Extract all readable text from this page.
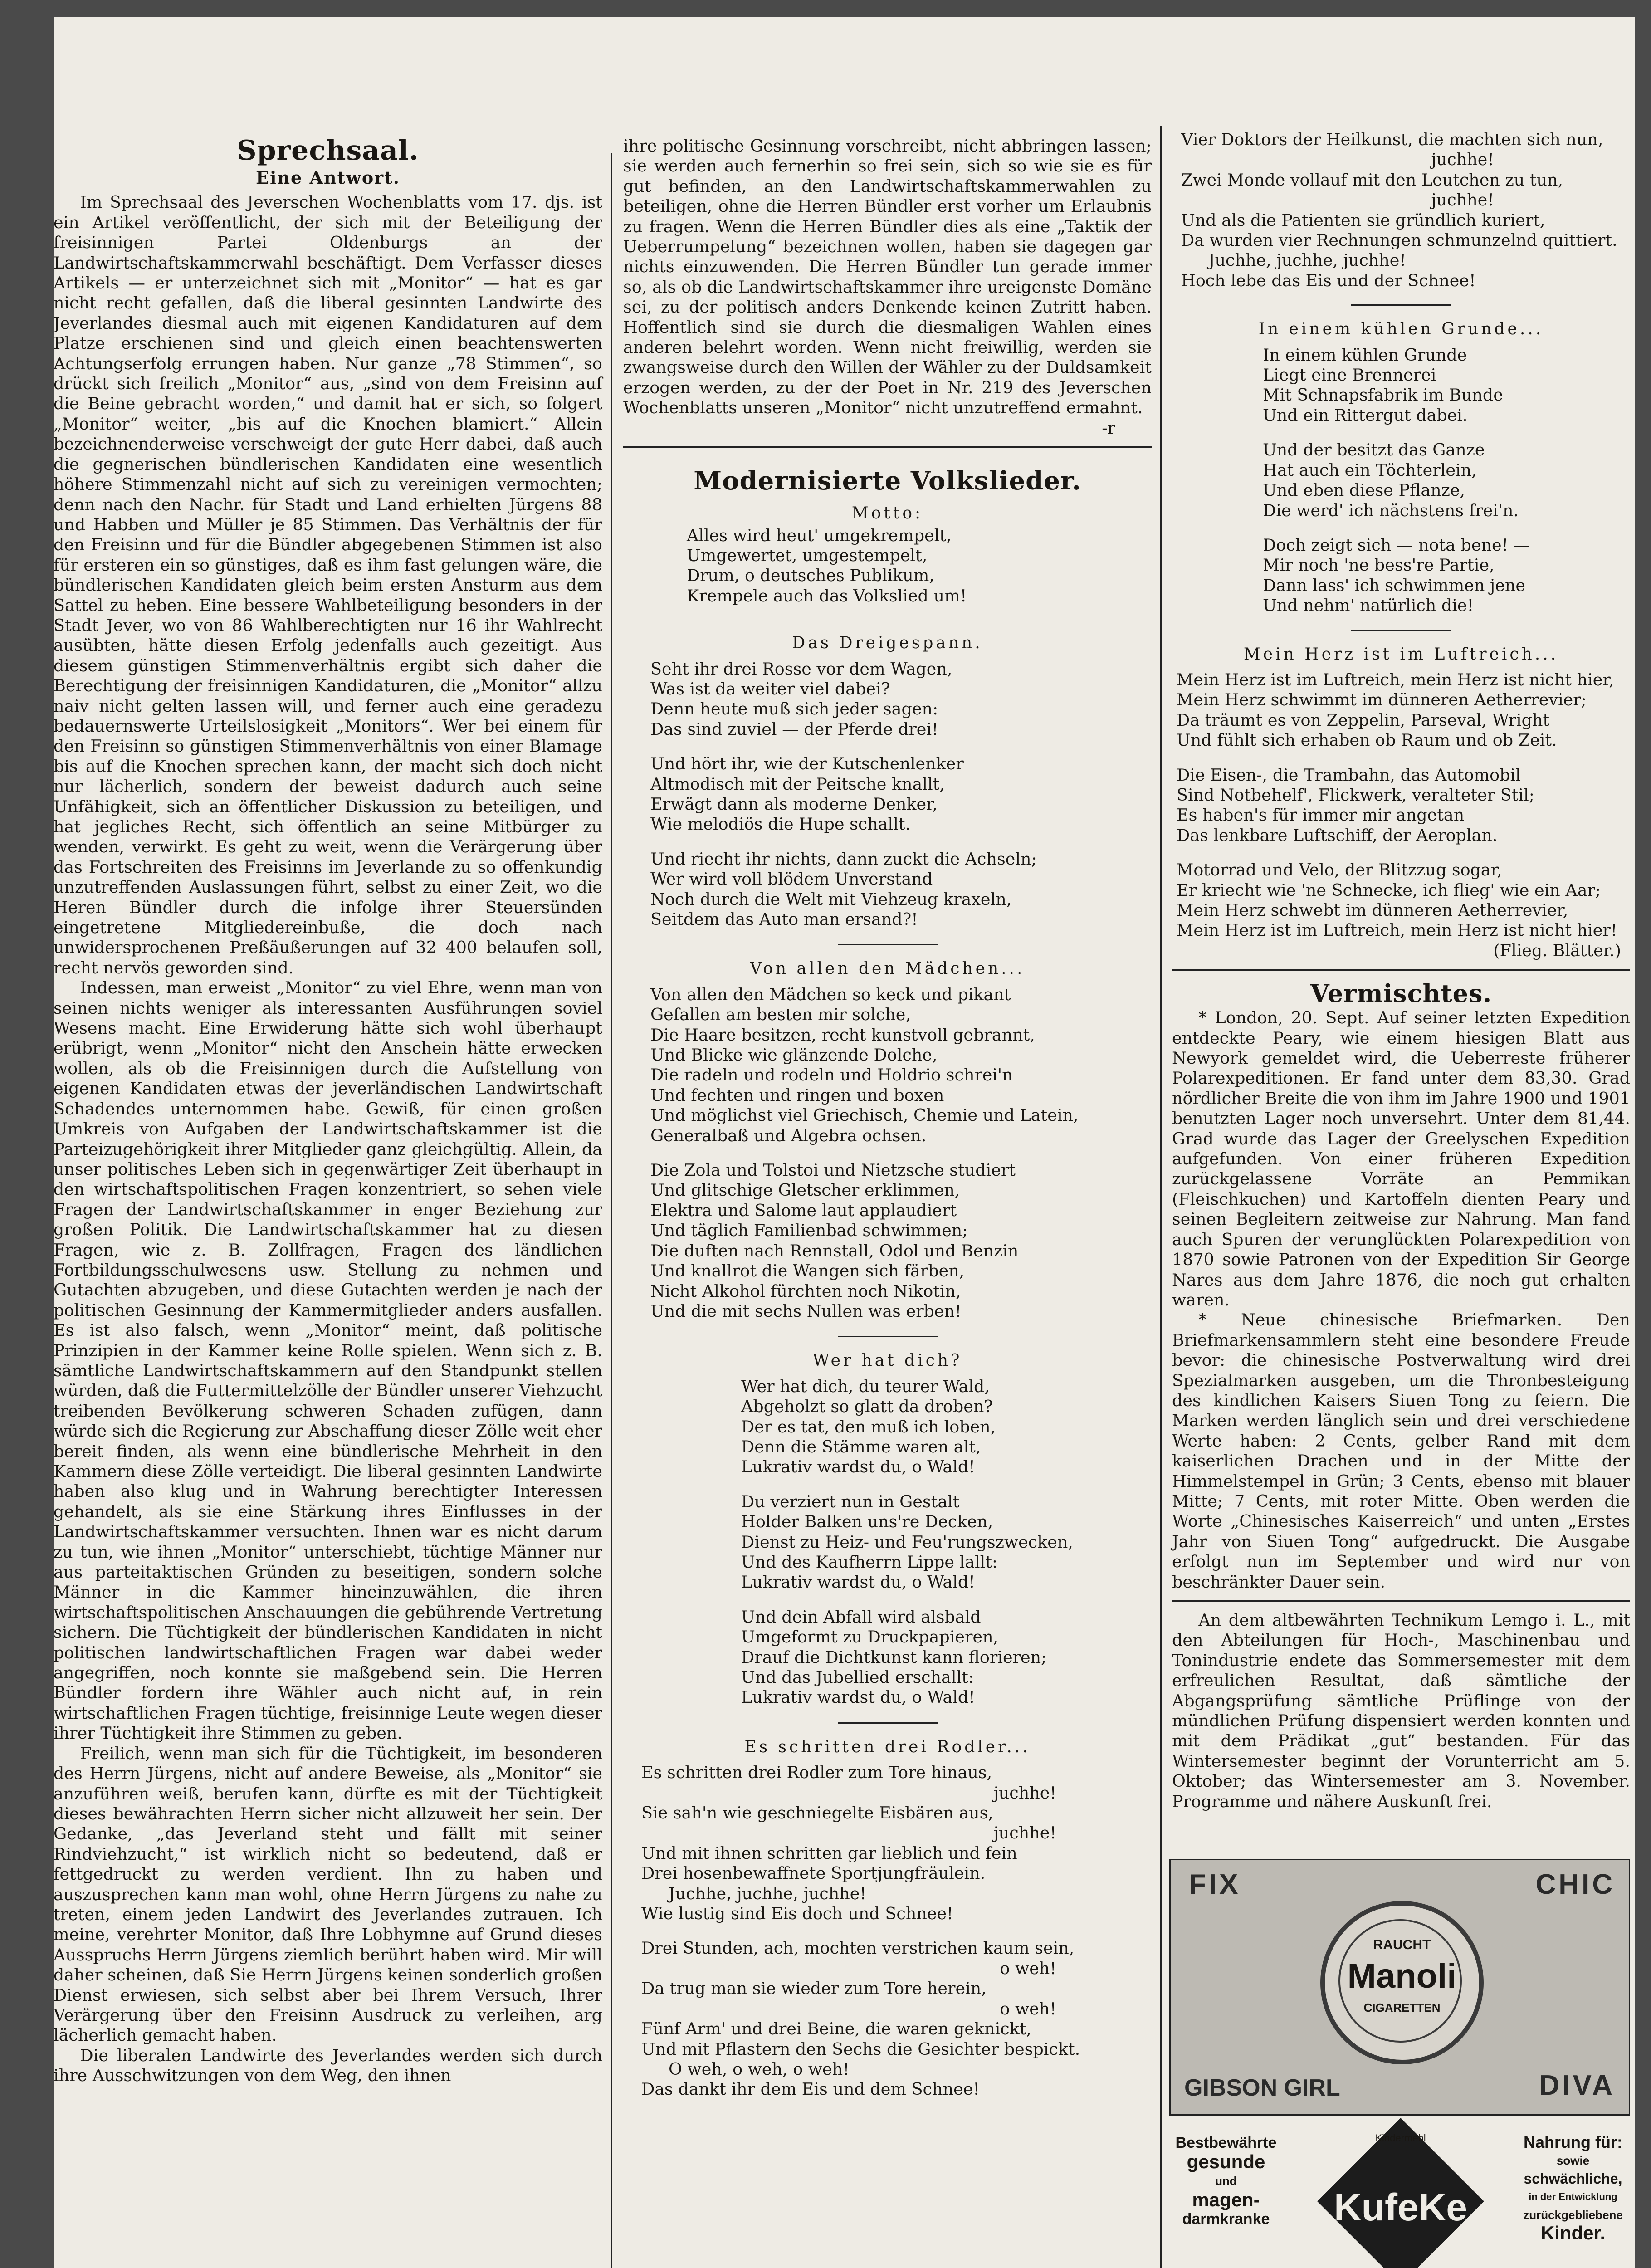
Sprechsaal.
Eine Antwort.

Im Sprechsaal des Jeverschen Wochenblatts vom 17. djs. ist ein Artikel veröffentlicht, der sich mit der Beteiligung der freisinnigen Partei Oldenburgs an der Landwirtschaftskammerwahl beschäftigt. Dem Verfasser dieses Artikels — er unterzeichnet sich mit „Monitor“ — hat es gar nicht recht gefallen, daß die liberal gesinnten Landwirte des Jeverlandes diesmal auch mit eigenen Kandidaturen auf dem Platze erschienen sind und gleich einen beachtenswerten Achtungserfolg errungen haben. Nur ganze „78 Stimmen“, so drückt sich freilich „Monitor“ aus, „sind von dem Freisinn auf die Beine gebracht worden,“ und damit hat er sich, so folgert „Monitor“ weiter, „bis auf die Knochen blamiert.“ Allein bezeichnenderweise verschweigt der gute Herr dabei, daß auch die gegnerischen bündlerischen Kandidaten eine wesentlich höhere Stimmenzahl nicht auf sich zu vereinigen vermochten; denn nach den Nachr. für Stadt und Land erhielten Jürgens 88 und Habben und Müller je 85 Stimmen. Das Verhältnis der für den Freisinn und für die Bündler abgegebenen Stimmen ist also für ersteren ein so günstiges, daß es ihm fast gelungen wäre, die bündlerischen Kandidaten gleich beim ersten Ansturm aus dem Sattel zu heben. Eine bessere Wahlbeteiligung besonders in der Stadt Jever, wo von 86 Wahlberechtigten nur 16 ihr Wahlrecht ausübten, hätte diesen Erfolg jedenfalls auch gezeitigt. Aus diesem günstigen Stimmenverhältnis ergibt sich daher die Berechtigung der freisinnigen Kandidaturen, die „Monitor“ allzu naiv nicht gelten lassen will, und ferner auch eine geradezu bedauernswerte Urteilslosigkeit „Monitors“. Wer bei einem für den Freisinn so günstigen Stimmenverhältnis von einer Blamage bis auf die Knochen sprechen kann, der macht sich doch nicht nur lächerlich, sondern der beweist dadurch auch seine Unfähigkeit, sich an öffentlicher Diskussion zu beteiligen, und hat jegliches Recht, sich öffentlich an seine Mitbürger zu wenden, verwirkt. Es geht zu weit, wenn die Verärgerung über das Fortschreiten des Freisinns im Jeverlande zu so offenkundig unzutreffenden Auslassungen führt, selbst zu einer Zeit, wo die Heren Bündler durch die infolge ihrer Steuersünden eingetretene Mitgliedereinbuße, die doch nach unwidersprochenen Preßäußerungen auf 32 400 belaufen soll, recht nervös geworden sind.

Indessen, man erweist „Monitor“ zu viel Ehre, wenn man von seinen nichts weniger als interessanten Ausführungen soviel Wesens macht. Eine Erwiderung hätte sich wohl überhaupt erübrigt, wenn „Monitor“ nicht den Anschein hätte erwecken wollen, als ob die Freisinnigen durch die Aufstellung von eigenen Kandidaten etwas der jeverländischen Landwirtschaft Schadendes unternommen habe. Gewiß, für einen großen Umkreis von Aufgaben der Landwirtschaftskammer ist die Parteizugehörigkeit ihrer Mitglieder ganz gleichgültig. Allein, da unser politisches Leben sich in gegenwärtiger Zeit überhaupt in den wirtschaftspolitischen Fragen konzentriert, so sehen viele Fragen der Landwirtschaftskammer in enger Beziehung zur großen Politik. Die Landwirtschaftskammer hat zu diesen Fragen, wie z. B. Zollfragen, Fragen des ländlichen Fortbildungsschulwesens usw. Stellung zu nehmen und Gutachten abzugeben, und diese Gutachten werden je nach der politischen Gesinnung der Kammermitglieder anders ausfallen. Es ist also falsch, wenn „Monitor“ meint, daß politische Prinzipien in der Kammer keine Rolle spielen. Wenn sich z. B. sämtliche Landwirtschaftskammern auf den Standpunkt stellen würden, daß die Futtermittelzölle der Bündler unserer Viehzucht treibenden Bevölkerung schweren Schaden zufügen, dann würde sich die Regierung zur Abschaffung dieser Zölle weit eher bereit finden, als wenn eine bündlerische Mehrheit in den Kammern diese Zölle verteidigt. Die liberal gesinnten Landwirte haben also klug und in Wahrung berechtigter Interessen gehandelt, als sie eine Stärkung ihres Einflusses in der Landwirtschaftskammer versuchten. Ihnen war es nicht darum zu tun, wie ihnen „Monitor“ unterschiebt, tüchtige Männer nur aus parteitaktischen Gründen zu beseitigen, sondern solche Männer in die Kammer hineinzuwählen, die ihren wirtschaftspolitischen Anschauungen die gebührende Vertretung sichern. Die Tüchtigkeit der bündlerischen Kandidaten in nicht politischen landwirtschaftlichen Fragen war dabei weder angegriffen, noch konnte sie maßgebend sein. Die Herren Bündler fordern ihre Wähler auch nicht auf, in rein wirtschaftlichen Fragen tüchtige, freisinnige Leute wegen dieser ihrer Tüchtigkeit ihre Stimmen zu geben.

Freilich, wenn man sich für die Tüchtigkeit, im besonderen des Herrn Jürgens, nicht auf andere Beweise, als „Monitor“ sie anzuführen weiß, berufen kann, dürfte es mit der Tüchtigkeit dieses bewährachten Herrn sicher nicht allzuweit her sein. Der Gedanke, „das Jeverland steht und fällt mit seiner Rindviehzucht,“ ist wirklich nicht so bedeutend, daß er fettgedruckt zu werden verdient. Ihn zu haben und auszusprechen kann man wohl, ohne Herrn Jürgens zu nahe zu treten, einem jeden Landwirt des Jeverlandes zutrauen. Ich meine, verehrter Monitor, daß Ihre Lobhymne auf Grund dieses Ausspruchs Herrn Jürgens ziemlich berührt haben wird. Mir will daher scheinen, daß Sie Herrn Jürgens keinen sonderlich großen Dienst erwiesen, sich selbst aber bei Ihrem Versuch, Ihrer Verärgerung über den Freisinn Ausdruck zu verleihen, arg lächerlich gemacht haben.

Die liberalen Landwirte des Jeverlandes werden sich durch ihre Ausschwitzungen von dem Weg, den ihnen

ihre politische Gesinnung vorschreibt, nicht abbringen lassen; sie werden auch fernerhin so frei sein, sich so wie sie es für gut befinden, an den Landwirtschaftskammerwahlen zu beteiligen, ohne die Herren Bündler erst vorher um Erlaubnis zu fragen. Wenn die Herren Bündler dies als eine „Taktik der Ueberrumpelung“ bezeichnen wollen, haben sie dagegen gar nichts einzuwenden. Die Herren Bündler tun gerade immer so, als ob die Landwirtschaftskammer ihre ureigenste Domäne sei, zu der politisch anders Denkende keinen Zutritt haben. Hoffentlich sind sie durch die diesmaligen Wahlen eines anderen belehrt worden. Wenn nicht freiwillig, werden sie zwangsweise durch den Willen der Wähler zu der Duldsamkeit erzogen werden, zu der der Poet in Nr. 219 des Jeverschen Wochenblatts unseren „Monitor“ nicht unzutreffend ermahnt.

-r
Modernisierte Volkslieder.
Motto:
Alles wird heut' umgekrempelt,
Umgewertet, umgestempelt,
Drum, o deutsches Publikum,
Krempele auch das Volkslied um!
Das Dreigespann.
Seht ihr drei Rosse vor dem Wagen,
Was ist da weiter viel dabei?
Denn heute muß sich jeder sagen:
Das sind zuviel — der Pferde drei!
Und hört ihr, wie der Kutschenlenker
Altmodisch mit der Peitsche knallt,
Erwägt dann als moderne Denker,
Wie melodiös die Hupe schallt.
Und riecht ihr nichts, dann zuckt die Achseln;
Wer wird voll blödem Unverstand
Noch durch die Welt mit Viehzeug kraxeln,
Seitdem das Auto man ersand?!
Von allen den Mädchen...
Von allen den Mädchen so keck und pikant
Gefallen am besten mir solche,
Die Haare besitzen, recht kunstvoll gebrannt,
Und Blicke wie glänzende Dolche,
Die radeln und rodeln und Holdrio schrei'n
Und fechten und ringen und boxen
Und möglichst viel Griechisch, Chemie und Latein,
Generalbaß und Algebra ochsen.
Die Zola und Tolstoi und Nietzsche studiert
Und glitschige Gletscher erklimmen,
Elektra und Salome laut applaudiert
Und täglich Familienbad schwimmen;
Die duften nach Rennstall, Odol und Benzin
Und knallrot die Wangen sich färben,
Nicht Alkohol fürchten noch Nikotin,
Und die mit sechs Nullen was erben!
Wer hat dich?
Wer hat dich, du teurer Wald,
Abgeholzt so glatt da droben?
Der es tat, den muß ich loben,
Denn die Stämme waren alt,
Lukrativ wardst du, o Wald!
Du verziert nun in Gestalt
Holder Balken uns're Decken,
Dienst zu Heiz- und Feu'rungszwecken,
Und des Kaufherrn Lippe lallt:
Lukrativ wardst du, o Wald!
Und dein Abfall wird alsbald
Umgeformt zu Druckpapieren,
Drauf die Dichtkunst kann florieren;
Und das Jubellied erschallt:
Lukrativ wardst du, o Wald!
Es schritten drei Rodler...
Es schritten drei Rodler zum Tore hinaus,
juchhe!
Sie sah'n wie geschniegelte Eisbären aus,
juchhe!
Und mit ihnen schritten gar lieblich und fein
Drei hosenbewaffnete Sportjungfräulein.
Juchhe, juchhe, juchhe!
Wie lustig sind Eis doch und Schnee!
Drei Stunden, ach, mochten verstrichen kaum sein,
o weh!
Da trug man sie wieder zum Tore herein,
o weh!
Fünf Arm' und drei Beine, die waren geknickt,
Und mit Pflastern den Sechs die Gesichter bespickt.
O weh, o weh, o weh!
Das dankt ihr dem Eis und dem Schnee!
Vier Doktors der Heilkunst, die machten sich nun,
juchhe!
Zwei Monde vollauf mit den Leutchen zu tun,
juchhe!
Und als die Patienten sie gründlich kuriert,
Da wurden vier Rechnungen schmunzelnd quittiert.
Juchhe, juchhe, juchhe!
Hoch lebe das Eis und der Schnee!
In einem kühlen Grunde...
In einem kühlen Grunde
Liegt eine Brennerei
Mit Schnapsfabrik im Bunde
Und ein Rittergut dabei.
Und der besitzt das Ganze
Hat auch ein Töchterlein,
Und eben diese Pflanze,
Die werd' ich nächstens frei'n.
Doch zeigt sich — nota bene! —
Mir noch 'ne bess're Partie,
Dann lass' ich schwimmen jene
Und nehm' natürlich die!
Mein Herz ist im Luftreich...
Mein Herz ist im Luftreich, mein Herz ist nicht hier,
Mein Herz schwimmt im dünneren Aetherrevier;
Da träumt es von Zeppelin, Parseval, Wright
Und fühlt sich erhaben ob Raum und ob Zeit.
Die Eisen-, die Trambahn, das Automobil
Sind Notbehelf', Flickwerk, veralteter Stil;
Es haben's für immer mir angetan
Das lenkbare Luftschiff, der Aeroplan.
Motorrad und Velo, der Blitzzug sogar,
Er kriecht wie 'ne Schnecke, ich flieg' wie ein Aar;
Mein Herz schwebt im dünneren Aetherrevier,
Mein Herz ist im Luftreich, mein Herz ist nicht hier!
(Flieg. Blätter.)
Vermischtes.

* London, 20. Sept. Auf seiner letzten Expedition entdeckte Peary, wie einem hiesigen Blatt aus Newyork gemeldet wird, die Ueberreste früherer Polarexpeditionen. Er fand unter dem 83,30. Grad nördlicher Breite die von ihm im Jahre 1900 und 1901 benutzten Lager noch unversehrt. Unter dem 81,44. Grad wurde das Lager der Greelyschen Expedition aufgefunden. Von einer früheren Expedition zurückgelassene Vorräte an Pemmikan (Fleischkuchen) und Kartoffeln dienten Peary und seinen Begleitern zeitweise zur Nahrung. Man fand auch Spuren der verunglückten Polarexpedition von 1870 sowie Patronen von der Expedition Sir George Nares aus dem Jahre 1876, die noch gut erhalten waren.

* Neue chinesische Briefmarken. Den Briefmarkensammlern steht eine besondere Freude bevor: die chinesische Postverwaltung wird drei Spezialmarken ausgeben, um die Thronbesteigung des kindlichen Kaisers Siuen Tong zu feiern. Die Marken werden länglich sein und drei verschiedene Werte haben: 2 Cents, gelber Rand mit dem kaiserlichen Drachen und in der Mitte der Himmelstempel in Grün; 3 Cents, ebenso mit blauer Mitte; 7 Cents, mit roter Mitte. Oben werden die Worte „Chinesisches Kaiserreich“ und unten „Erstes Jahr von Siuen Tong“ aufgedruckt. Die Ausgabe erfolgt nun im September und wird nur von beschränkter Dauer sein.

An dem altbewährten Technikum Lemgo i. L., mit den Abteilungen für Hoch-, Maschinenbau und Tonindustrie endete das Sommersemester mit dem erfreulichen Resultat, daß sämtliche der Abgangsprüfung sämtliche Prüflinge von der mündlichen Prüfung dispensiert werden konnten und mit dem Prädikat „gut“ bestanden. Für das Wintersemester beginnt der Vorunterricht am 5. Oktober; das Wintersemester am 3. November. Programme und nähere Auskunft frei.

FIX	CHIC
RAUCHT
Manoli
CIGARETTEN
GIBSON GIRL	DIVA
Bestbewährte
gesunde
und
magen-
darmkranke
Kindermehl
KufeKe
Nahrung für:
sowie
schwächliche,
in der Entwicklung
zurückgebliebene
Kinder.
